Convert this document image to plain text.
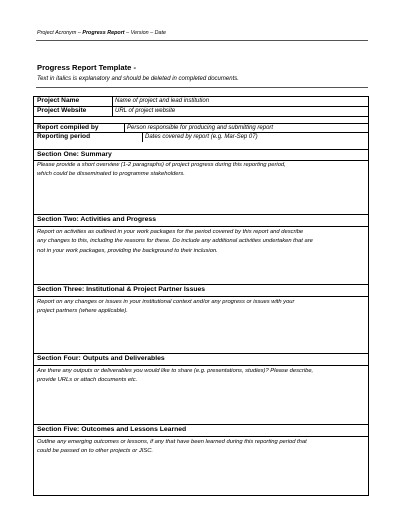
Project Acronym – Progress Report – Version – Date
Progress Report Template -
Text in italics is explanatory and should be deleted in completed documents.
Project Name	Name of project and lead institution
Project Website	URL of project website
Report compiled by	Person responsible for producing and submitting report
Reporting period	Dates covered by report (e.g. Mar-Sep 07)
Section One: Summary
Please provide a short overview (1-2 paragraphs) of project progress during this reporting period,
which could be disseminated to programme stakeholders.
Section Two: Activities and Progress
Report on activities as outlined in your work packages for the period covered by this report and describe
any changes to this, including the reasons for these. Do include any additional activities undertaken that are
not in your work packages, providing the background to their inclusion.
Section Three: Institutional & Project Partner Issues
Report on any changes or issues in your institutional context and/or any progress or issues with your
project partners (where applicable).
Section Four: Outputs and Deliverables
Are there any outputs or deliverables you would like to share (e.g. presentations, studies)? Please describe,
provide URLs or attach documents etc.
Section Five: Outcomes and Lessons Learned
Outline any emerging outcomes or lessons, if any that have been learned during this reporting period that
could be passed on to other projects or JISC.
